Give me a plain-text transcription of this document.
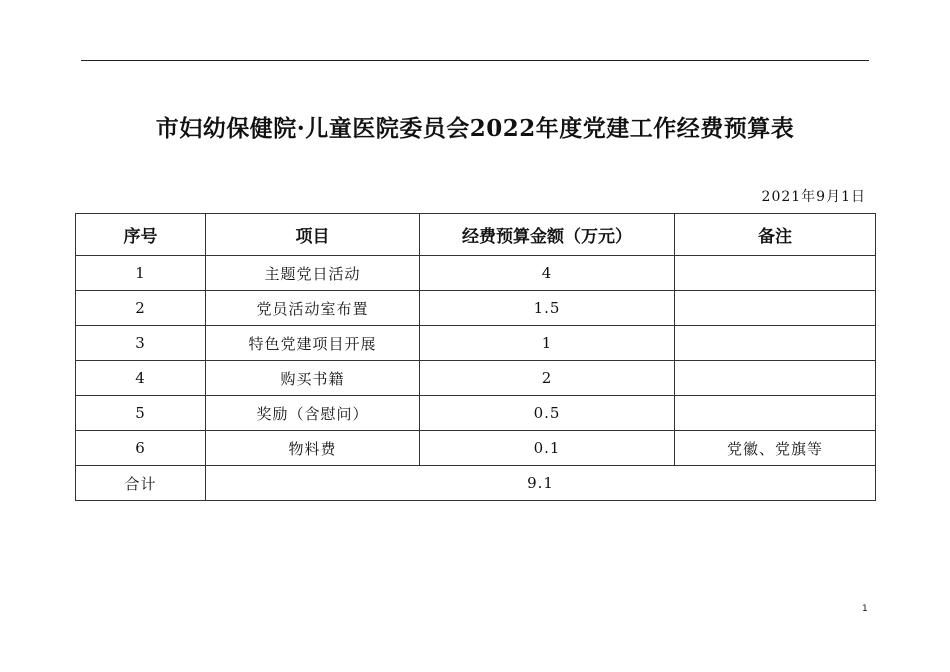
市妇幼保健院·儿童医院委员会2022年度党建工作经费预算表
2021年9月1日
序号	项目	经费预算金额（万元）	备注
1	主题党日活动	4	
2	党员活动室布置	1.5	
3	特色党建项目开展	1	
4	购买书籍	2	
5	奖励（含慰问）	0.5	
6	物料费	0.1	党徽、党旗等
合计	9.1		
1
